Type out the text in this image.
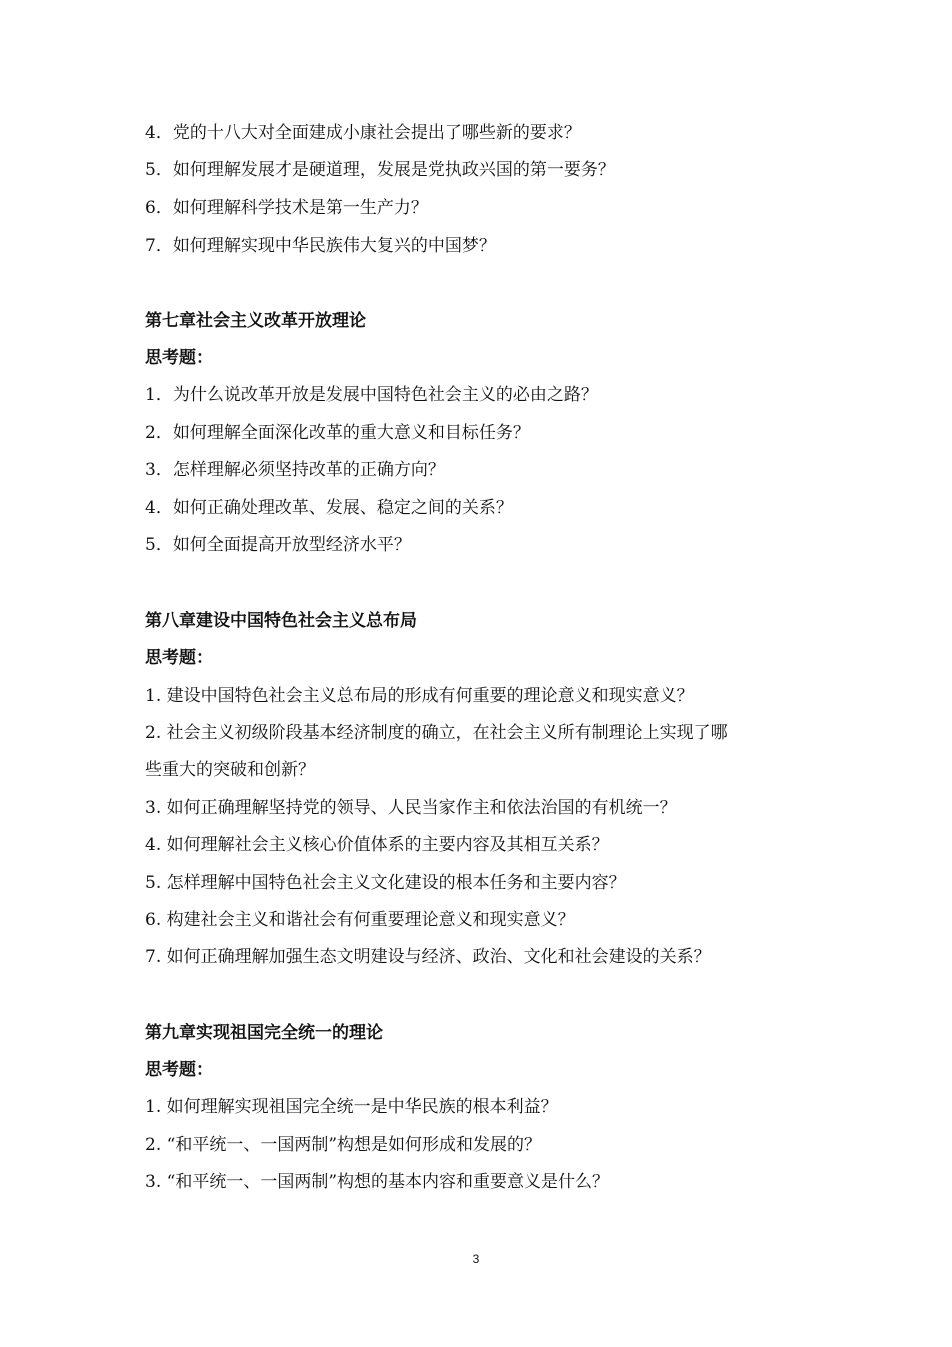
4．党的十八大对全面建成小康社会提出了哪些新的要求？
5．如何理解发展才是硬道理，发展是党执政兴国的第一要务？
6．如何理解科学技术是第一生产力？
7．如何理解实现中华民族伟大复兴的中国梦？
第七章社会主义改革开放理论
思考题：
1．为什么说改革开放是发展中国特色社会主义的必由之路？
2．如何理解全面深化改革的重大意义和目标任务？
3．怎样理解必须坚持改革的正确方向？
4．如何正确处理改革、发展、稳定之间的关系？
5．如何全面提高开放型经济水平？
第八章建设中国特色社会主义总布局
思考题：
1. 建设中国特色社会主义总布局的形成有何重要的理论意义和现实意义？
2. 社会主义初级阶段基本经济制度的确立，在社会主义所有制理论上实现了哪
些重大的突破和创新？
3. 如何正确理解坚持党的领导、人民当家作主和依法治国的有机统一？
4. 如何理解社会主义核心价值体系的主要内容及其相互关系？
5. 怎样理解中国特色社会主义文化建设的根本任务和主要内容？
6. 构建社会主义和谐社会有何重要理论意义和现实意义？
7. 如何正确理解加强生态文明建设与经济、政治、文化和社会建设的关系？
第九章实现祖国完全统一的理论
思考题：
1. 如何理解实现祖国完全统一是中华民族的根本利益？
2. “和平统一、一国两制”构想是如何形成和发展的？
3. “和平统一、一国两制”构想的基本内容和重要意义是什么？
3
